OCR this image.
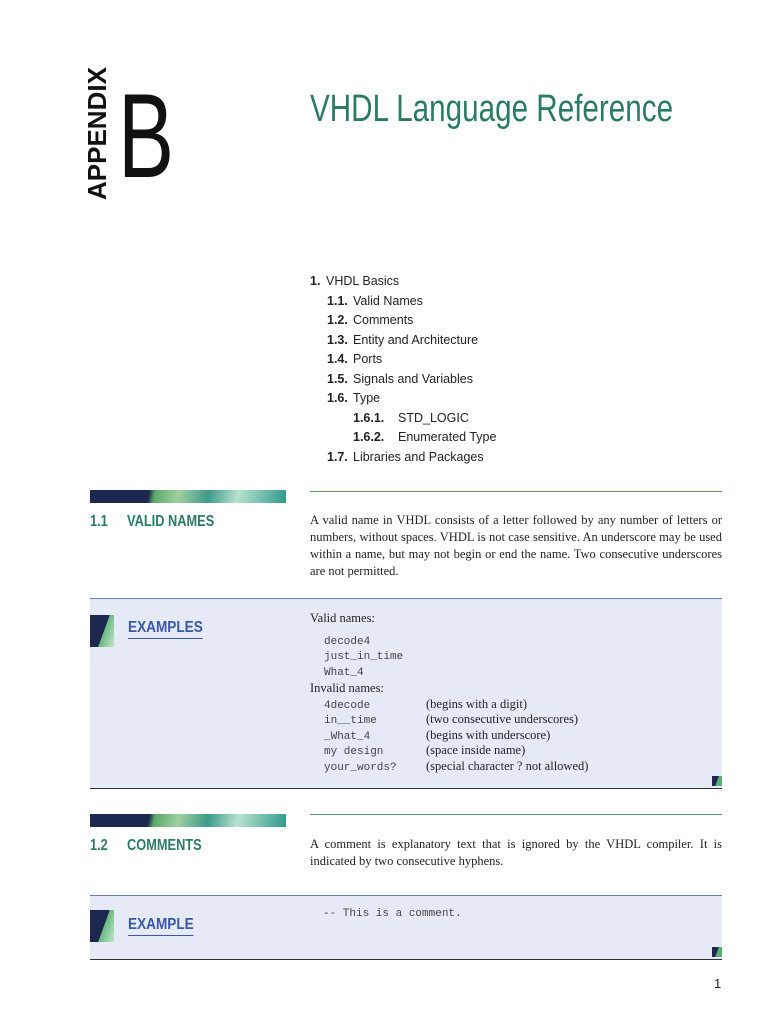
APPENDIX B	VHDL Language Reference
1. VHDL Basics
1.1. Valid Names
1.2. Comments
1.3. Entity and Architecture
1.4. Ports
1.5. Signals and Variables
1.6. Type
1.6.1. STD_LOGIC
1.6.2. Enumerated Type
1.7. Libraries and Packages
1.1 VALID NAMES	A valid name in VHDL consists of a letter followed by any number of letters or numbers, without spaces. VHDL is not case sensitive. An underscore may be used within a name, but may not begin or end the name. Two consecutive underscores are not permitted.
EXAMPLES
Valid names:
decode4
just_in_time
What_4
Invalid names:
4decode	(begins with a digit)
in__time	(two consecutive underscores)
_What_4	(begins with underscore)
my design	(space inside name)
your_words? (special character ? not allowed)
1.2 COMMENTS	A comment is explanatory text that is ignored by the VHDL compiler. It is indicated by two consecutive hyphens.
EXAMPLE
-- This is a comment.
1
